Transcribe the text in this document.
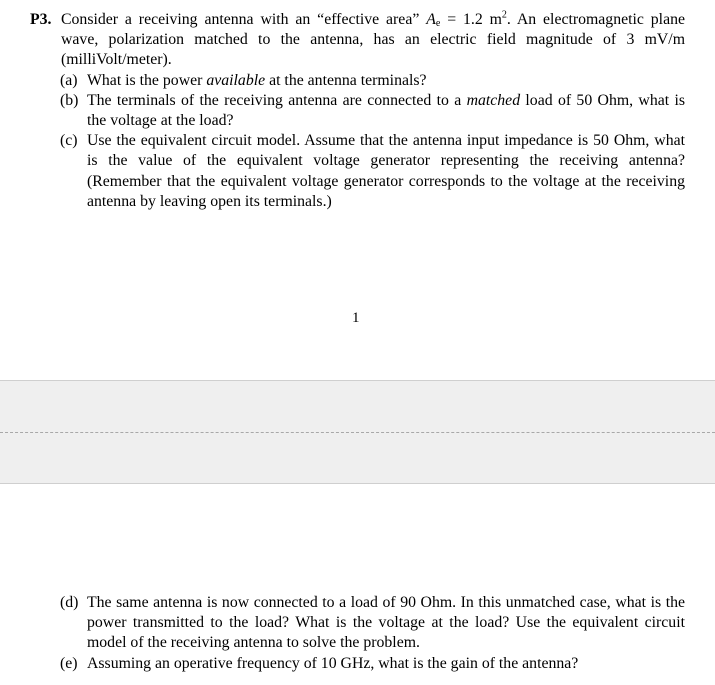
P3. Consider a receiving antenna with an “effective area” $A_e = 1.2$ $m^2$. An electromagnetic plane wave, polarization matched to the antenna, has an electric field magnitude of 3 mV/m (milliVolt/meter).
(a) What is the power available at the antenna terminals?
(b) The terminals of the receiving antenna are connected to a matched load of 50 Ohm, what is the voltage at the load?
(c) Use the equivalent circuit model. Assume that the antenna input impedance is 50 Ohm, what is the value of the equivalent voltage generator representing the receiving antenna? (Remember that the equivalent voltage generator corresponds to the voltage at the receiving antenna by leaving open its terminals.)
1
(d) The same antenna is now connected to a load of 90 Ohm. In this unmatched case, what is the power transmitted to the load? What is the voltage at the load? Use the equivalent circuit model of the receiving antenna to solve the problem.
(e) Assuming an operative frequency of 10 GHz, what is the gain of the antenna?
